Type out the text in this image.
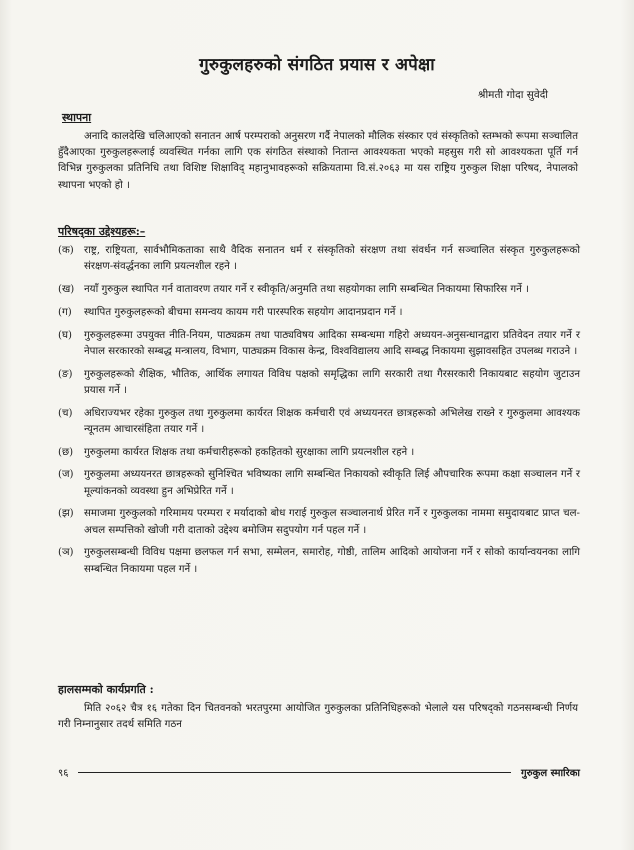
गुरुकुलहरुको संगठित प्रयास र अपेक्षा
श्रीमती गोदा सुवेदी
स्थापना
अनादि कालदेखि चलिआएको सनातन आर्ष परम्पराको अनुसरण गर्दै नेपालको मौलिक संस्कार एवं संस्कृतिको स्तम्भको रूपमा सञ्चालित हुँदैआएका गुरुकुलहरूलाई व्यवस्थित गर्नका लागि एक संगठित संस्थाको नितान्त आवश्यकता भएको महसुस गरी सो आवश्यकता पूर्ति गर्न विभिन्न गुरुकुलका प्रतिनिधि तथा विशिष्ट शिक्षाविद् महानुभावहरूको सक्रियतामा वि.सं.२०६३ मा यस राष्ट्रिय गुरुकुल शिक्षा परिषद, नेपालको स्थापना भएको हो ।
परिषद्का उद्देश्यहरू:–
(क)	राष्ट्र, राष्ट्रियता, सार्वभौमिकताका साथै वैदिक सनातन धर्म र संस्कृतिको संरक्षण तथा संवर्धन गर्न सञ्चालित संस्कृत गुरुकुलहरूको संरक्षण-संवर्द्धनका लागि प्रयत्नशील रहने ।
(ख) नयाँ गुरुकुल स्थापित गर्न वातावरण तयार गर्ने र स्वीकृति/अनुमति तथा सहयोगका लागि सम्बन्धित निकायमा सिफारिस गर्ने ।
(ग)	स्थापित गुरुकुलहरूको बीचमा समन्वय कायम गरी पारस्परिक सहयोग आदानप्रदान गर्ने ।
(घ)	गुरुकुलहरूमा उपयुक्त नीति-नियम, पाठ्यक्रम तथा पाठ्यविषय आदिका सम्बन्धमा गहिरो अध्ययन-अनुसन्धानद्वारा प्रतिवेदन तयार गर्ने र नेपाल सरकारको सम्बद्ध मन्त्रालय, विभाग, पाठ्यक्रम विकास केन्द्र, विश्वविद्यालय आदि सम्बद्ध निकायमा सुझावसहित उपलब्ध गराउने ।
(ङ)	गुरुकुलहरूको शैक्षिक, भौतिक, आर्थिक लगायत विविध पक्षको समृद्धिका लागि सरकारी तथा गैरसरकारी निकायबाट सहयोग जुटाउन प्रयास गर्ने ।
(च)	अधिराज्यभर रहेका गुरुकुल तथा गुरुकुलमा कार्यरत शिक्षक कर्मचारी एवं अध्ययनरत छात्रहरूको अभिलेख राख्ने र गुरुकुलमा आवश्यक न्यूनतम आचारसंहिता तयार गर्ने ।
(छ)	गुरुकुलमा कार्यरत शिक्षक तथा कर्मचारीहरूको हकहितको सुरक्षाका लागि प्रयत्नशील रहने ।
(ज)	गुरुकुलमा अध्ययनरत छात्रहरूको सुनिश्चित भविष्यका लागि सम्बन्धित निकायको स्वीकृति लिई औपचारिक रूपमा कक्षा सञ्चालन गर्ने र मूल्यांकनको व्यवस्था हुन अभिप्रेरित गर्ने ।
(झ)	समाजमा गुरुकुलको गरिमामय परम्परा र मर्यादाको बोध गराई गुरुकुल सञ्चालनार्थ प्रेरित गर्ने र गुरुकुलका नाममा समुदायबाट प्राप्त चल-अचल सम्पत्तिको खोजी गरी दाताको उद्देश्य बमोजिम सदुपयोग गर्न पहल गर्ने ।
(ञ)	गुरुकुलसम्बन्धी विविध पक्षमा छलफल गर्न सभा, सम्मेलन, समारोह, गोष्ठी, तालिम आदिको आयोजना गर्ने र सोको कार्यान्वयनका लागि सम्बन्धित निकायमा पहल गर्ने ।
हालसम्मको कार्यप्रगति :
मिति २०६२ चैत्र १६ गतेका दिन चितवनको भरतपुरमा आयोजित गुरुकुलका प्रतिनिधिहरूको भेलाले यस परिषद्को गठनसम्बन्धी निर्णय गरी निम्नानुसार तदर्थ समिति गठन
९६	गुरुकुल स्मारिका
